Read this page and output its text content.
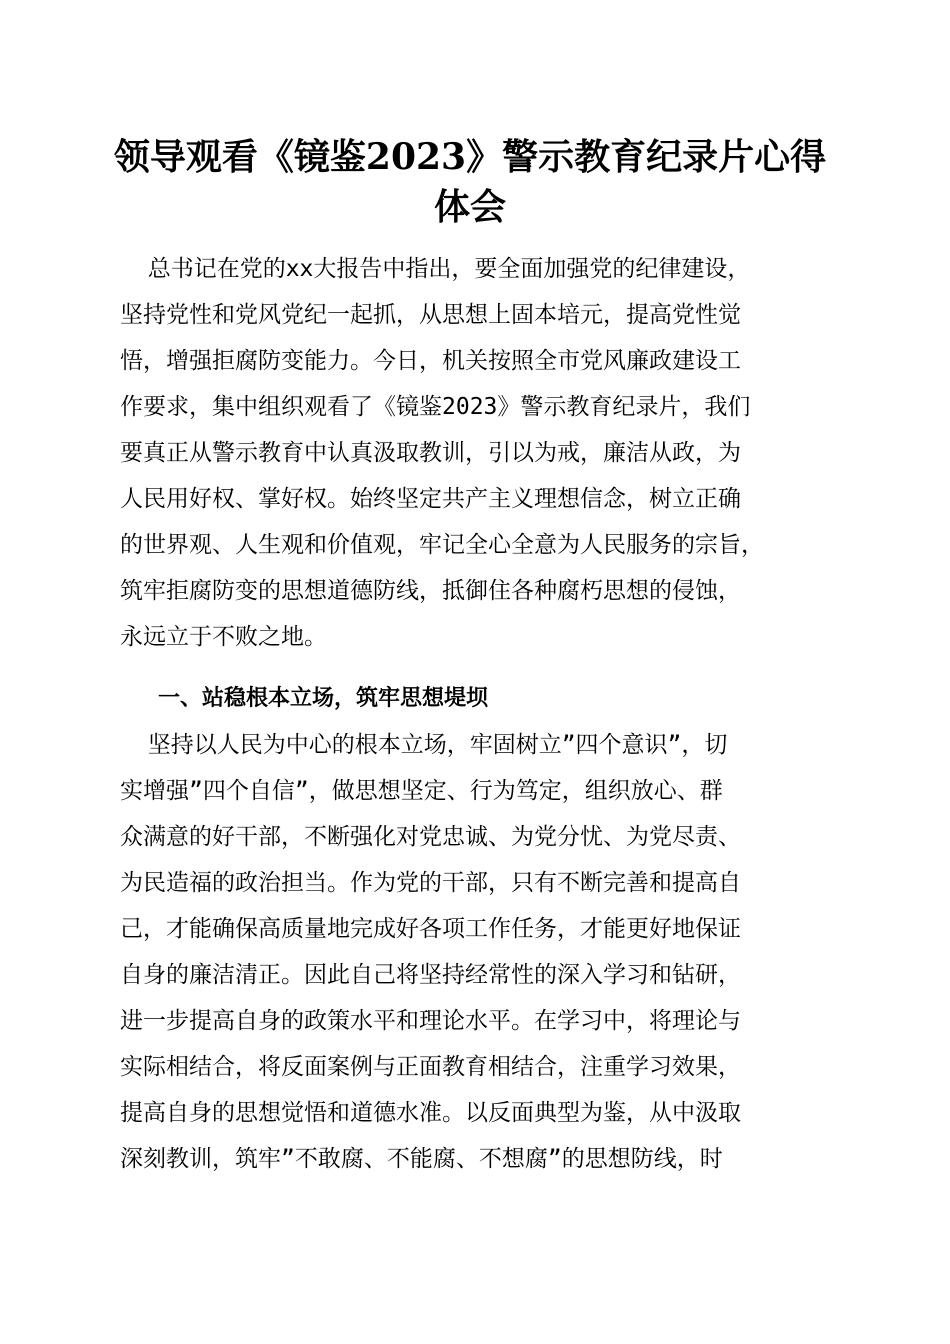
领导观看《镜鉴2023》警示教育纪录片心得
体会
总书记在党的xx大报告中指出，要全面加强党的纪律建设，
坚持党性和党风党纪一起抓，从思想上固本培元，提高党性觉
悟，增强拒腐防变能力。今日，机关按照全市党风廉政建设工
作要求，集中组织观看了《镜鉴2023》警示教育纪录片，我们
要真正从警示教育中认真汲取教训，引以为戒，廉洁从政，为
人民用好权、掌好权。始终坚定共产主义理想信念，树立正确
的世界观、人生观和价值观，牢记全心全意为人民服务的宗旨，
筑牢拒腐防变的思想道德防线，抵御住各种腐朽思想的侵蚀，
永远立于不败之地。
一、站稳根本立场，筑牢思想堤坝
坚持以人民为中心的根本立场，牢固树立”四个意识”，切
实增强”四个自信”，做思想坚定、行为笃定，组织放心、群
众满意的好干部，不断强化对党忠诚、为党分忧、为党尽责、
为民造福的政治担当。作为党的干部，只有不断完善和提高自
己，才能确保高质量地完成好各项工作任务，才能更好地保证
自身的廉洁清正。因此自己将坚持经常性的深入学习和钻研，
进一步提高自身的政策水平和理论水平。在学习中，将理论与
实际相结合，将反面案例与正面教育相结合，注重学习效果，
提高自身的思想觉悟和道德水准。以反面典型为鉴，从中汲取
深刻教训，筑牢”不敢腐、不能腐、不想腐”的思想防线，时
